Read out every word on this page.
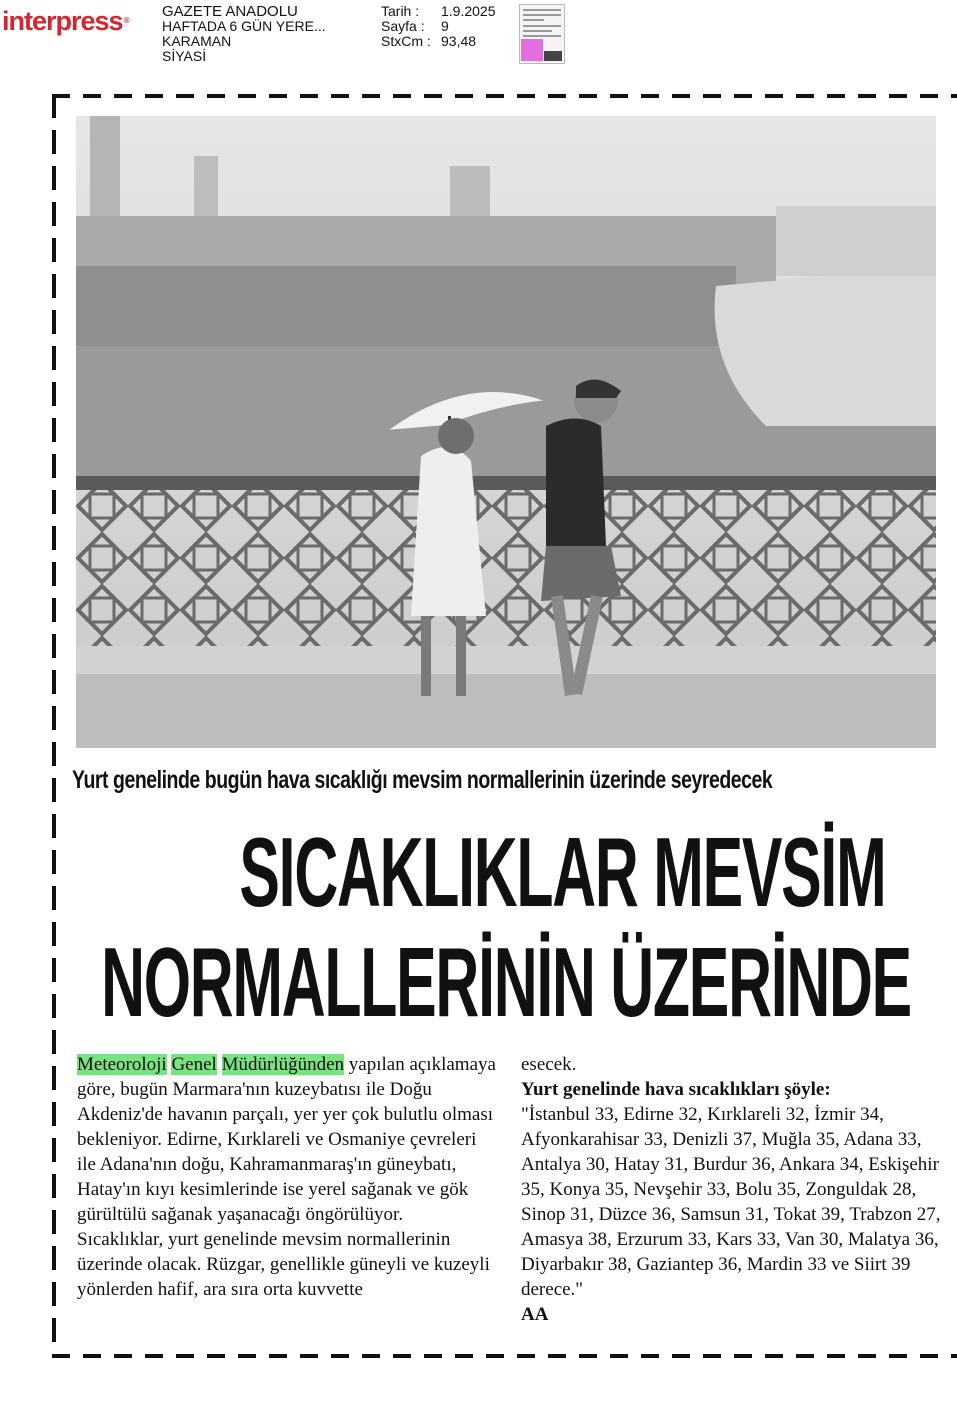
interpress®
GAZETE ANADOLU
HAFTADA 6 GÜN YERE...
KARAMAN
SİYASİ
Tarih :	1.9.2025
Sayfa :	9
StxCm : 93,48
Yurt genelinde bugün hava sıcaklığı mevsim normallerinin üzerinde seyredecek
SICAKLIKLAR MEVSİM
NORMALLERİNİN ÜZERİNDE

Meteoroloji Genel Müdürlüğünden yapılan açıklamaya göre, bugün Marmara'nın kuzeybatısı ile Doğu Akdeniz'de havanın parçalı, yer yer çok bulutlu olması bekleniyor. Edirne, Kırklareli ve Osmaniye çevreleri ile Adana'nın doğu, Kahramanmaraş'ın güneybatı, Hatay'ın kıyı kesimlerinde ise yerel sağanak ve gök gürültülü sağanak yaşanacağı öngörülüyor.

Sıcaklıklar, yurt genelinde mevsim normallerinin üzerinde olacak. Rüzgar, genellikle güneyli ve kuzeyli yönlerden hafif, ara sıra orta kuvvette

esecek.

Yurt genelinde hava sıcaklıkları şöyle:

"İstanbul 33, Edirne 32, Kırklareli 32, İzmir 34, Afyonkarahisar 33, Denizli 37, Muğla 35, Adana 33, Antalya 30, Hatay 31, Burdur 36, Ankara 34, Eskişehir 35, Konya 35, Nevşehir 33, Bolu 35, Zonguldak 28, Sinop 31, Düzce 36, Samsun 31, Tokat 39, Trabzon 27, Amasya 38, Erzurum 33, Kars 33, Van 30, Malatya 36, Diyarbakır 38, Gaziantep 36, Mardin 33 ve Siirt 39 derece."

AA
